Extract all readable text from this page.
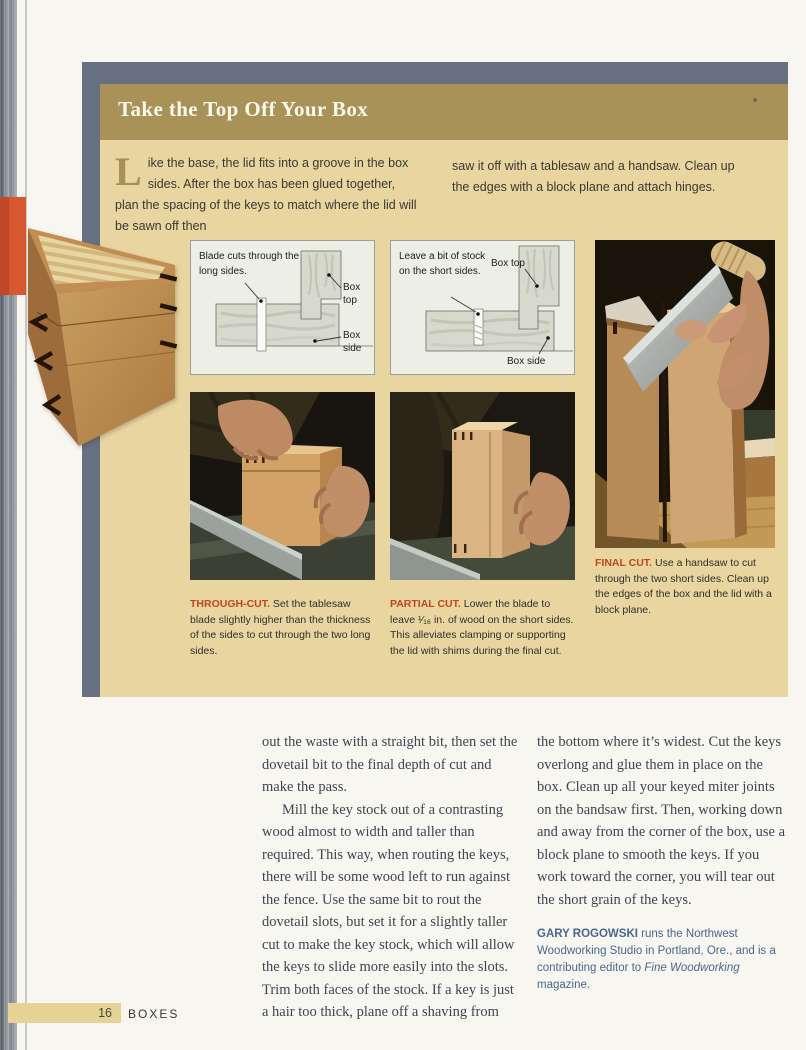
Take the Top Off Your Box
Like the base, the lid fits into a groove in the box sides. After the box has been glued together, plan the spacing of the keys to match where the lid will be sawn off then
saw it off with a tablesaw and a handsaw. Clean up the edges with a block plane and attach hinges.
Blade cuts through the long sides.
Box top
Box side
Leave a bit of stock on the short sides.
Box top
Box side
THROUGH-CUT. Set the tablesaw blade slightly higher than the thickness of the sides to cut through the two long sides.
PARTIAL CUT. Lower the blade to leave ¹⁄₁₆ in. of wood on the short sides. This alleviates clamping or supporting the lid with shims during the final cut.
FINAL CUT. Use a handsaw to cut through the two short sides. Clean up the edges of the box and the lid with a block plane.

out the waste with a straight bit, then set the dovetail bit to the final depth of cut and make the pass.

Mill the key stock out of a contrasting wood almost to width and taller than required. This way, when routing the keys, there will be some wood left to run against the fence. Use the same bit to rout the dovetail slots, but set it for a slightly taller cut to make the key stock, which will allow the keys to slide more easily into the slots. Trim both faces of the stock. If a key is just a hair too thick, plane off a shaving from

the bottom where it’s widest. Cut the keys overlong and glue them in place on the box. Clean up all your keyed miter joints on the bandsaw first. Then, working down and away from the corner of the box, use a block plane to smooth the keys. If you work toward the corner, you will tear out the short grain of the keys.

GARY ROGOWSKI runs the Northwest Woodworking Studio in Portland, Ore., and is a contributing editor to Fine Woodworking magazine.
16	BOXES
